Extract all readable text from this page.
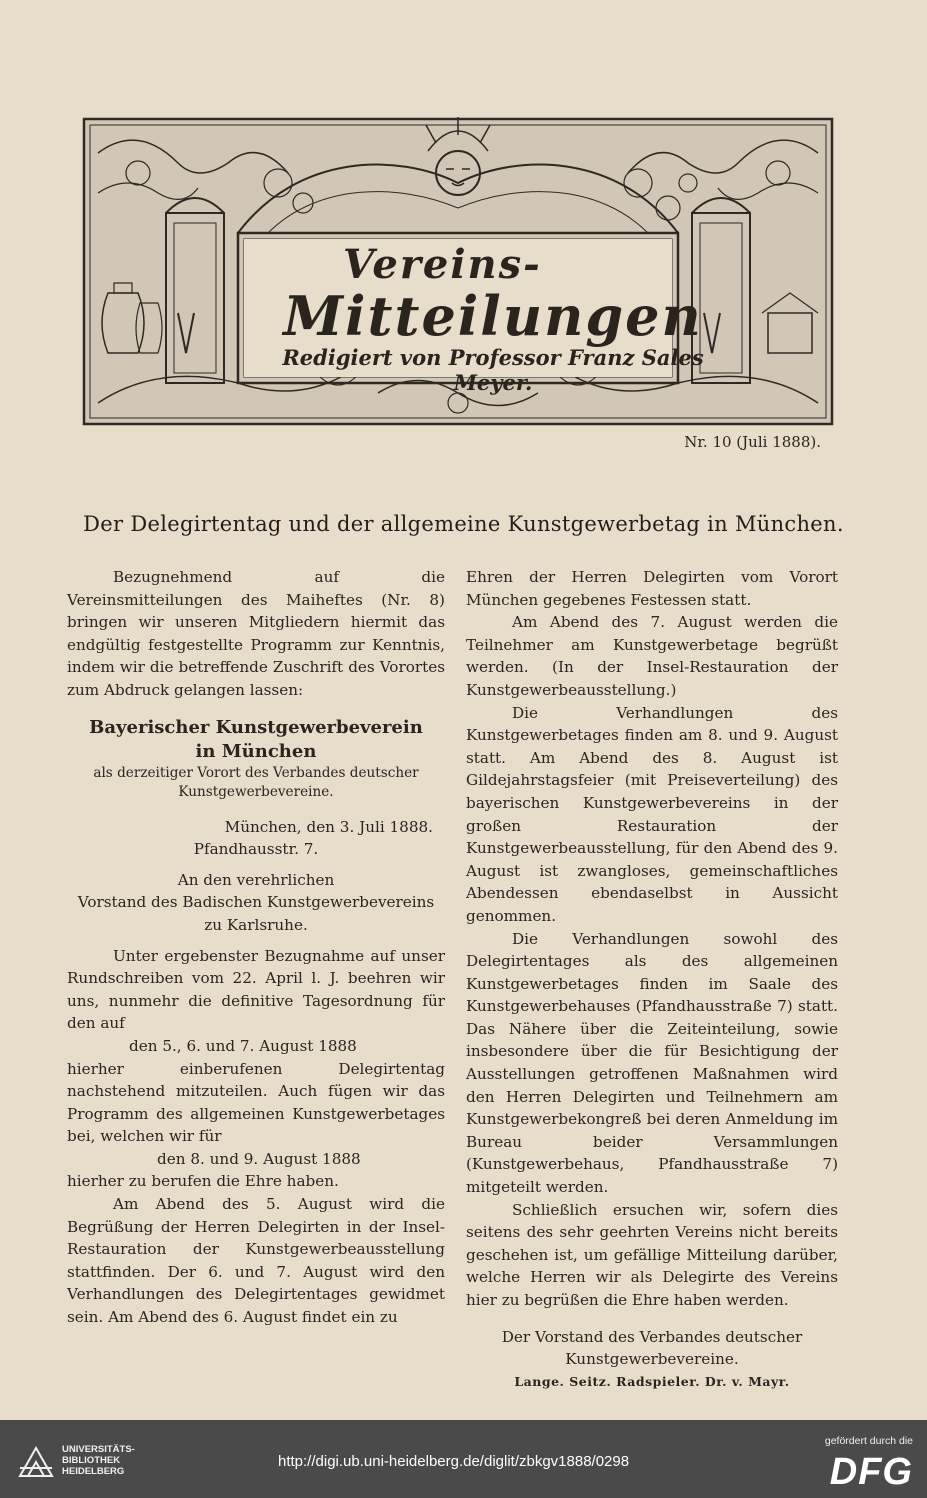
Vereins-
Mitteilungen
Redigiert von Professor Franz Sales Meyer.
Nr. 10 (Juli 1888).
Der Delegirtentag und der allgemeine Kunstgewerbetag in München.

Bezugnehmend auf die Vereinsmitteilungen des Maiheftes (Nr. 8) bringen wir unseren Mitgliedern hiermit das endgültig festgestellte Programm zur Kenntnis, indem wir die betreffende Zuschrift des Vorortes zum Abdruck gelangen lassen:

Bayerischer Kunstgewerbeverein

in München

als derzeitiger Vorort des Verbandes deutscher Kunstgewerbevereine.

München, den 3. Juli 1888.

Pfandhausstr. 7.

An den verehrlichen

Vorstand des Badischen Kunstgewerbevereins

zu Karlsruhe.

Unter ergebenster Bezugnahme auf unser Rundschreiben vom 22. April l. J. beehren wir uns, nunmehr die definitive Tagesordnung für den auf

den 5., 6. und 7. August 1888

hierher einberufenen Delegirtentag nachstehend mitzuteilen. Auch fügen wir das Programm des allgemeinen Kunstgewerbetages bei, welchen wir für

den 8. und 9. August 1888

hierher zu berufen die Ehre haben.

Am Abend des 5. August wird die Begrüßung der Herren Delegirten in der Insel-Restauration der Kunstgewerbeausstellung stattfinden. Der 6. und 7. August wird den Verhandlungen des Delegirtentages gewidmet sein. Am Abend des 6. August findet ein zu

Ehren der Herren Delegirten vom Vorort München gegebenes Festessen statt.

Am Abend des 7. August werden die Teilnehmer am Kunstgewerbetage begrüßt werden. (In der Insel-Restauration der Kunstgewerbeausstellung.)

Die Verhandlungen des Kunstgewerbetages finden am 8. und 9. August statt. Am Abend des 8. August ist Gildejahrstagsfeier (mit Preiseverteilung) des bayerischen Kunstgewerbevereins in der großen Restauration der Kunstgewerbeausstellung, für den Abend des 9. August ist zwangloses, gemeinschaftliches Abendessen ebendaselbst in Aussicht genommen.

Die Verhandlungen sowohl des Delegirtentages als des allgemeinen Kunstgewerbetages finden im Saale des Kunstgewerbehauses (Pfandhausstraße 7) statt. Das Nähere über die Zeiteinteilung, sowie insbesondere über die für Besichtigung der Ausstellungen getroffenen Maßnahmen wird den Herren Delegirten und Teilnehmern am Kunstgewerbekongreß bei deren Anmeldung im Bureau beider Versammlungen (Kunstgewerbehaus, Pfandhausstraße 7) mitgeteilt werden.

Schließlich ersuchen wir, sofern dies seitens des sehr geehrten Vereins nicht bereits geschehen ist, um gefällige Mitteilung darüber, welche Herren wir als Delegirte des Vereins hier zu begrüßen die Ehre haben werden.

Der Vorstand des Verbandes deutscher

Kunstgewerbevereine.

Lange. Seitz. Radspieler. Dr. v. Mayr.

UNIVERSITÄTS-
BIBLIOTHEK
HEIDELBERG
http://digi.ub.uni-heidelberg.de/diglit/zbkgv1888/0298
gefördert durch die
DFG
